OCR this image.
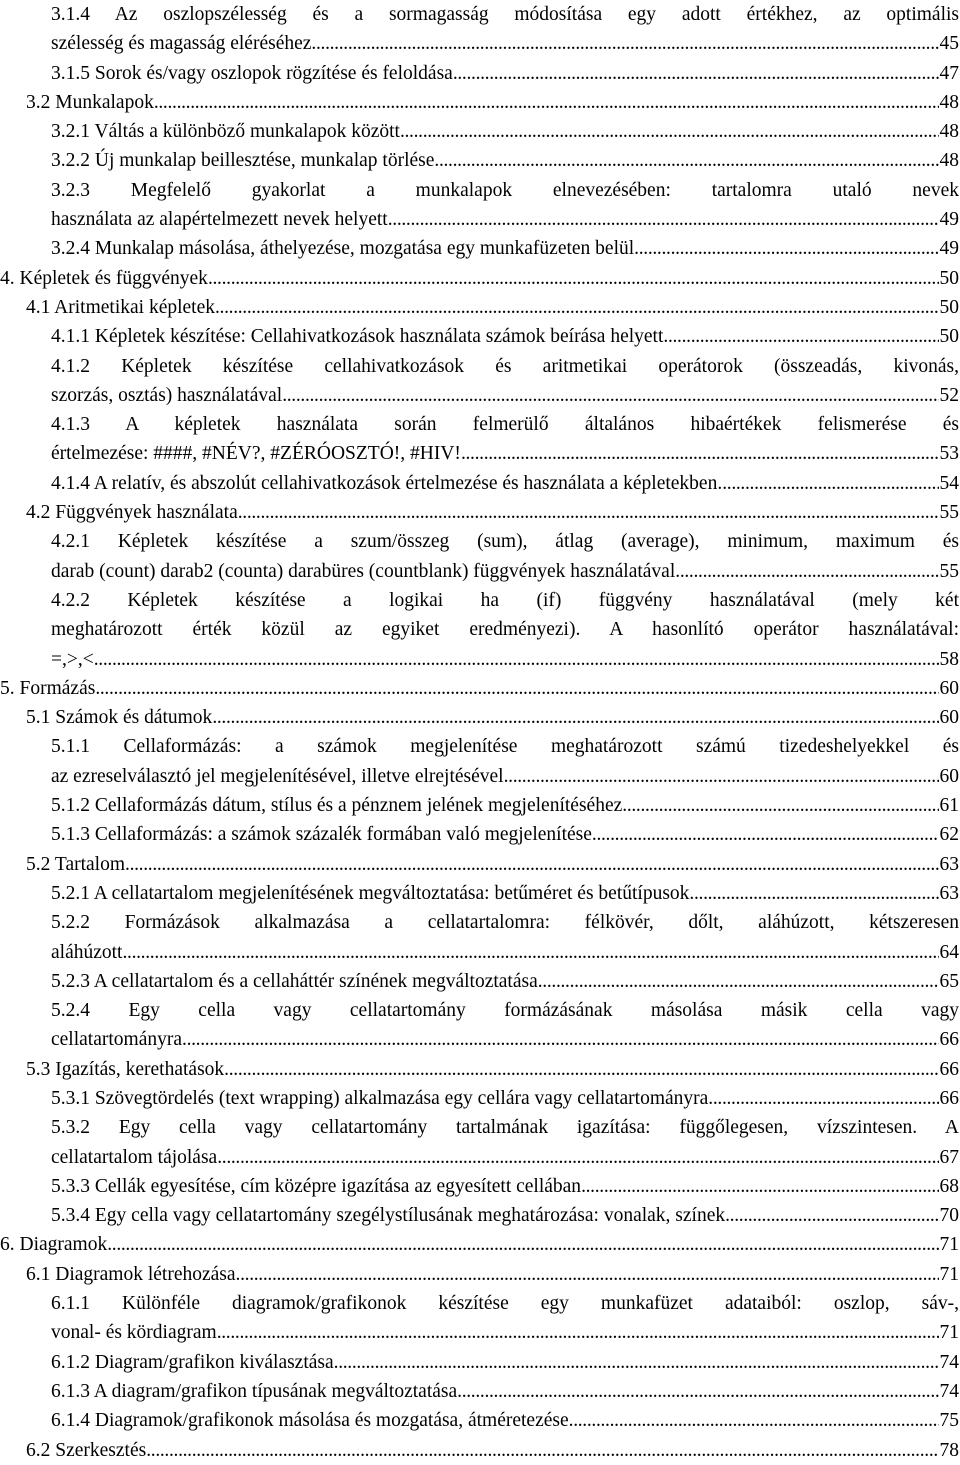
3.1.4 Az oszlopszélesség és a sormagasság módosítása egy adott értékhez, az optimális
szélesség és magasság eléréséhez . . .	45
3.1.5 Sorok és/vagy oszlopok rögzítése és feloldása . . .	47
3.2 Munkalapok . . .	48
3.2.1 Váltás a különböző munkalapok között . . .	48
3.2.2 Új munkalap beillesztése, munkalap törlése . . .	48
3.2.3 Megfelelő gyakorlat a munkalapok elnevezésében: tartalomra utaló nevek
használata az alapértelmezett nevek helyett . . .	49
3.2.4 Munkalap másolása, áthelyezése, mozgatása egy munkafüzeten belül . . .	49
4. Képletek és függvények . . .	50
4.1 Aritmetikai képletek . . .	50
4.1.1 Képletek készítése: Cellahivatkozások használata számok beírása helyett . . .	50
4.1.2 Képletek készítése cellahivatkozások és aritmetikai operátorok (összeadás, kivonás,
szorzás, osztás) használatával . . .	52
4.1.3 A képletek használata során felmerülő általános hibaértékek felismerése és
értelmezése: ####, #NÉV?, #ZÉRÓOSZTÓ!, #HIV! . . .	53
4.1.4 A relatív, és abszolút cellahivatkozások értelmezése és használata a képletekben. . . .	54
4.2 Függvények használata . . .	55
4.2.1 Képletek készítése a szum/összeg (sum), átlag (average), minimum, maximum és
darab (count) darab2 (counta) darabüres (countblank) függvények használatával . . .	55
4.2.2 Képletek készítése a logikai ha (if) függvény használatával (mely két
meghatározott érték közül az egyiket eredményezi). A hasonlító operátor használatával:
=,>,< . . .	58
5. Formázás . . .	60
5.1 Számok és dátumok . . .	60
5.1.1 Cellaformázás: a számok megjelenítése meghatározott számú tizedeshelyekkel és
az ezreselválasztó jel megjelenítésével, illetve elrejtésével . . .	60
5.1.2 Cellaformázás dátum, stílus és a pénznem jelének megjelenítéséhez . . .	61
5.1.3 Cellaformázás: a számok százalék formában való megjelenítése . . .	62
5.2 Tartalom . . .	63
5.2.1 A cellatartalom megjelenítésének megváltoztatása: betűméret és betűtípusok . . .	63
5.2.2 Formázások alkalmazása a cellatartalomra: félkövér, dőlt, aláhúzott, kétszeresen
aláhúzott . . .	64
5.2.3 A cellatartalom és a cellaháttér színének megváltoztatása . . .	65
5.2.4 Egy cella vagy cellatartomány formázásának másolása másik cella vagy
cellatartományra . . .	66
5.3 Igazítás, kerethatások . . .	66
5.3.1 Szövegtördelés (text wrapping) alkalmazása egy cellára vagy cellatartományra . . .	66
5.3.2 Egy cella vagy cellatartomány tartalmának igazítása: függőlegesen, vízszintesen. A
cellatartalom tájolása . . .	67
5.3.3 Cellák egyesítése, cím középre igazítása az egyesített cellában . . .	68
5.3.4 Egy cella vagy cellatartomány szegélystílusának meghatározása: vonalak, színek . . .	70
6. Diagramok . . .	71
6.1 Diagramok létrehozása . . .	71
6.1.1 Különféle diagramok/grafikonok készítése egy munkafüzet adataiból: oszlop, sáv-,
vonal- és kördiagram . . .	71
6.1.2 Diagram/grafikon kiválasztása . . .	74
6.1.3 A diagram/grafikon típusának megváltoztatása . . .	74
6.1.4 Diagramok/grafikonok másolása és mozgatása, átméretezése . . .	75
6.2 Szerkesztés . . .	78
